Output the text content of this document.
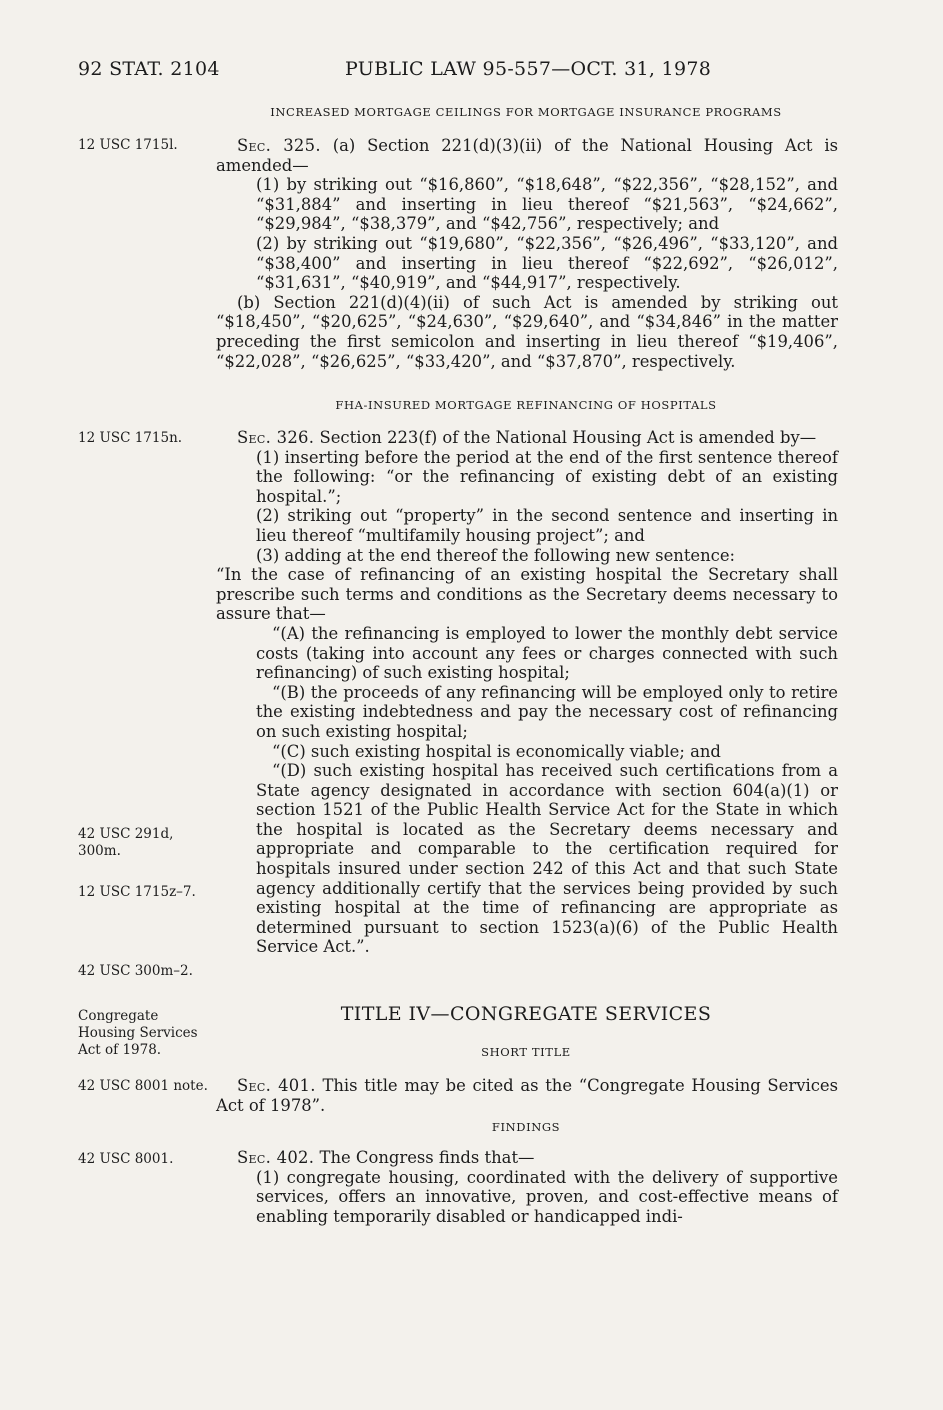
92 STAT. 2104	PUBLIC LAW 95-557—OCT. 31, 1978
INCREASED MORTGAGE CEILINGS FOR MORTGAGE INSURANCE PROGRAMS
12 USC 1715l.	Sec. 325. (a) Section 221(d)(3)(ii) of the National Housing Act is amended—

(1) by striking out “$16,860”, “$18,648”, “$22,356”, “$28,152”, and “$31,884” and inserting in lieu thereof “$21,563”, “$24,662”, “$29,984”, “$38,379”, and “$42,756”, respectively; and

(2) by striking out “$19,680”, “$22,356”, “$26,496”, “$33,120”, and “$38,400” and inserting in lieu thereof “$22,692”, “$26,012”, “$31,631”, “$40,919”, and “$44,917”, respectively.

(b) Section 221(d)(4)(ii) of such Act is amended by striking out “$18,450”, “$20,625”, “$24,630”, “$29,640”, and “$34,846” in the matter preceding the first semicolon and inserting in lieu thereof “$19,406”, “$22,028”, “$26,625”, “$33,420”, and “$37,870”, respectively.

FHA-INSURED MORTGAGE REFINANCING OF HOSPITALS
12 USC 1715n.	Sec. 326. Section 223(f) of the National Housing Act is amended by—

(1) inserting before the period at the end of the first sentence thereof the following: “or the refinancing of existing debt of an existing hospital.”;

(2) striking out “property” in the second sentence and inserting in lieu thereof “multifamily housing project”; and

(3) adding at the end thereof the following new sentence:

“In the case of refinancing of an existing hospital the Secretary shall prescribe such terms and conditions as the Secretary deems necessary to assure that—

“(A) the refinancing is employed to lower the monthly debt service costs (taking into account any fees or charges connected with such refinancing) of such existing hospital;

“(B) the proceeds of any refinancing will be employed only to retire the existing indebtedness and pay the necessary cost of refinancing on such existing hospital;

“(C) such existing hospital is economically viable; and

“(D) such existing hospital has received such certifications from a State agency designated in accordance with section 604(a)(1) or section 1521 of the Public Health Service Act for the State in which the hospital is located as the Secretary deems necessary and appropriate and comparable to the certification required for hospitals insured under section 242 of this Act and that such State agency additionally certify that the services being provided by such existing hospital at the time of refinancing are appropriate as determined pursuant to section 1523(a)(6) of the Public Health Service Act.”.

42 USC 291d, 300m.
12 USC 1715z–7.
42 USC 300m–2.
Congregate Housing Services Act of 1978.
TITLE IV—CONGREGATE SERVICES
SHORT TITLE
42 USC 8001 note.	Sec. 401. This title may be cited as the “Congregate Housing Services Act of 1978”.

FINDINGS
42 USC 8001.	Sec. 402. The Congress finds that—

(1) congregate housing, coordinated with the delivery of supportive services, offers an innovative, proven, and cost-effective means of enabling temporarily disabled or handicapped indi-
